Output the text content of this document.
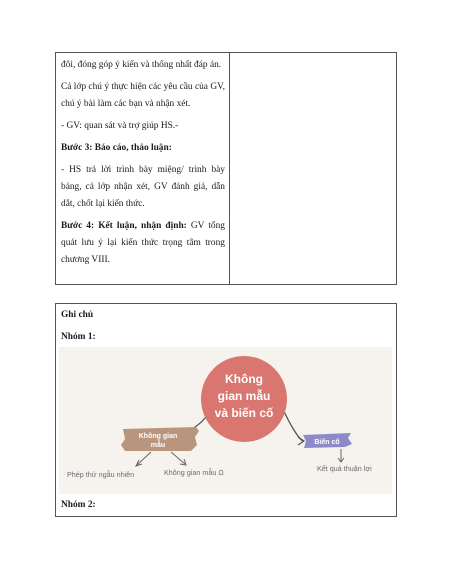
đôi, đóng góp ý kiến và thống nhất đáp án.

Cả lớp chú ý thực hiện các yêu cầu của GV, chú ý bài làm các bạn và nhận xét.

- GV: quan sát và trợ giúp HS.-

Bước 3: Báo cáo, thảo luận:

- HS trả lời trình bày miệng/ trình bày bảng, cả lớp nhận xét, GV đánh giá, dẫn dắt, chốt lại kiến thức.

Bước 4: Kết luận, nhận định: GV tổng quát lưu ý lại kiến thức trọng tâm trong chương VIII.

Ghi chú

Nhóm 1:

Không
gian mẫu
và biến cố
Không gian
mẫu
Phép thử ngẫu nhiên	Không gian mẫu Ω
Biến cố
Kết quả thuận lợi

Nhóm 2:
